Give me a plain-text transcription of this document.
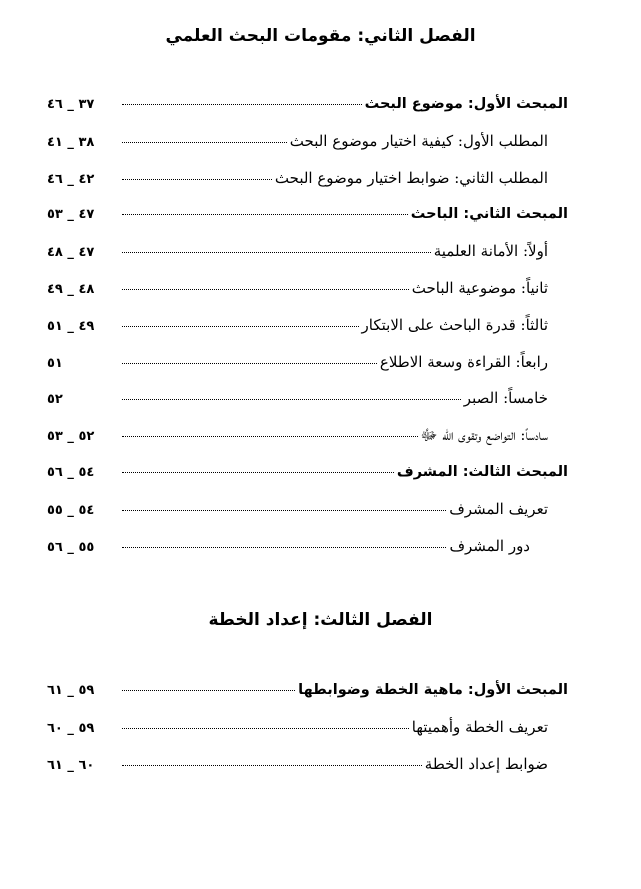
الفصل الثاني: مقومات البحث العلمي
المبحث الأول: موضوع البحث
٣٧ _ ٤٦
المطلب الأول: كيفية اختيار موضوع البحث
٣٨ _ ٤١
المطلب الثاني: ضوابط اختيار موضوع البحث
٤٢ _ ٤٦
المبحث الثاني: الباحث
٤٧ _ ٥٣
أولاً: الأمانة العلمية
٤٧ _ ٤٨
ثانياً: موضوعية الباحث
٤٨ _ ٤٩
ثالثاً: قدرة الباحث على الابتكار
٤٩ _ ٥١
رابعاً: القراءة وسعة الاطلاع
٥١
خامساً: الصبر
٥٢
سادساً: التواضع وتقوى الله ﷻ
٥٢ _ ٥٣
المبحث الثالث: المشرف
٥٤ _ ٥٦
تعريف المشرف
٥٤ _ ٥٥
دور المشرف
٥٥ _ ٥٦
الفصل الثالث: إعداد الخطة
المبحث الأول: ماهية الخطة وضوابطها
٥٩ _ ٦١
تعريف الخطة وأهميتها
٥٩ _ ٦٠
ضوابط إعداد الخطة
٦٠ _ ٦١
